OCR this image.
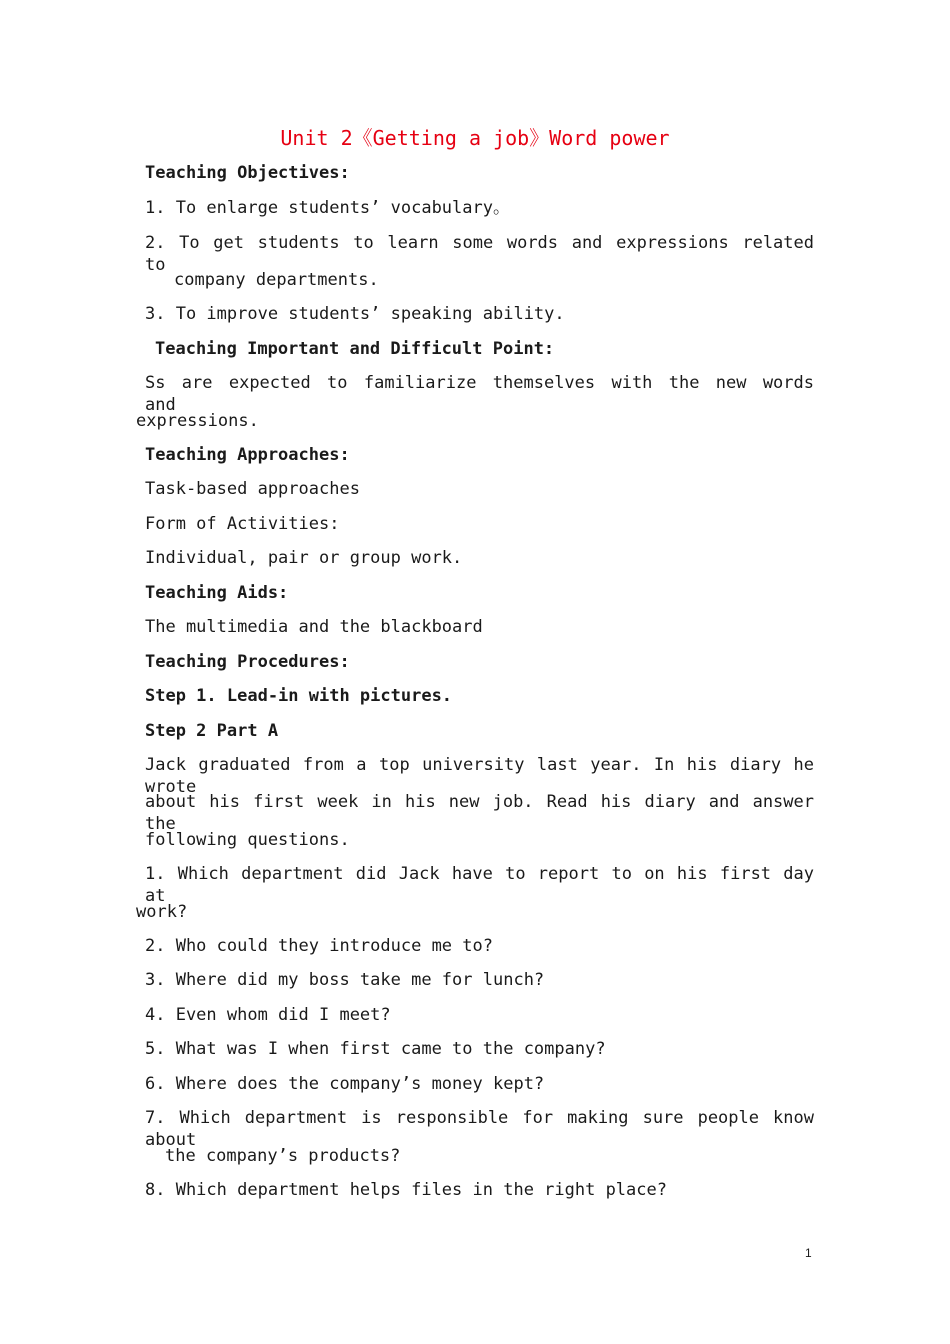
Unit 2《Getting a job》Word power
Teaching Objectives:
1. To enlarge students’ vocabulary。
2. To get students to learn some words and expressions related to
company departments.
3. To improve students’ speaking ability.
Teaching Important and Difficult Point:
Ss are expected to familiarize themselves with the new words and
expressions.
Teaching Approaches:
Task-based approaches
Form of Activities:
Individual, pair or group work.
Teaching Aids:
The multimedia and the blackboard
Teaching Procedures:
Step 1. Lead-in with pictures.
Step 2 Part A
Jack graduated from a top university last year. In his diary he wrote
about his first week in his new job. Read his diary and answer the
following questions.
1. Which department did Jack have to report to on his first day at
work?
2. Who could they introduce me to?
3. Where did my boss take me for lunch?
4. Even whom did I meet?
5. What was I when first came to the company?
6. Where does the company’s money kept?
7. Which department is responsible for making sure people know about
the company’s products?
8. Which department helps files in the right place?
1
